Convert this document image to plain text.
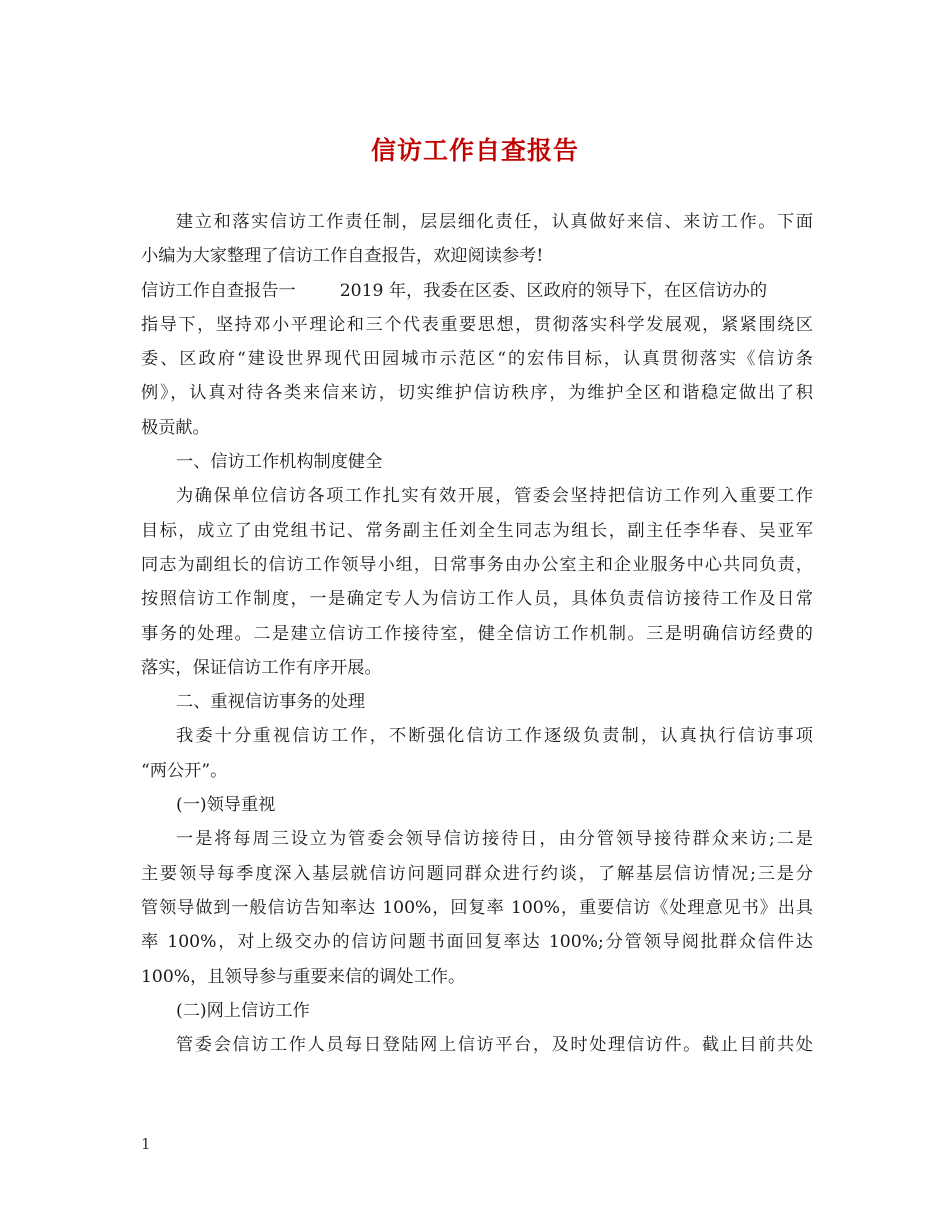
信访工作自查报告
建立和落实信访工作责任制，层层细化责任，认真做好来信、来访工作。下面
小编为大家整理了信访工作自查报告，欢迎阅读参考!
信访工作自查报告一	2019 年，我委在区委、区政府的领导下，在区信访办的
指导下，坚持邓小平理论和三个代表重要思想，贯彻落实科学发展观，紧紧围绕区
委、区政府“建设世界现代田园城市示范区“的宏伟目标，认真贯彻落实《信访条
例》，认真对待各类来信来访，切实维护信访秩序，为维护全区和谐稳定做出了积
极贡献。
一、信访工作机构制度健全
为确保单位信访各项工作扎实有效开展，管委会坚持把信访工作列入重要工作
目标，成立了由党组书记、常务副主任刘全生同志为组长，副主任李华春、吴亚军
同志为副组长的信访工作领导小组，日常事务由办公室主和企业服务中心共同负责，
按照信访工作制度，一是确定专人为信访工作人员，具体负责信访接待工作及日常
事务的处理。二是建立信访工作接待室，健全信访工作机制。三是明确信访经费的
落实，保证信访工作有序开展。
二、重视信访事务的处理
我委十分重视信访工作，不断强化信访工作逐级负责制，认真执行信访事项
“两公开”。
(一)领导重视
一是将每周三设立为管委会领导信访接待日，由分管领导接待群众来访;二是
主要领导每季度深入基层就信访问题同群众进行约谈，了解基层信访情况;三是分
管领导做到一般信访告知率达 100%，回复率 100%，重要信访《处理意见书》出具
率 100%，对上级交办的信访问题书面回复率达 100%;分管领导阅批群众信件达
100%，且领导参与重要来信的调处工作。
(二)网上信访工作
管委会信访工作人员每日登陆网上信访平台，及时处理信访件。截止目前共处
1
